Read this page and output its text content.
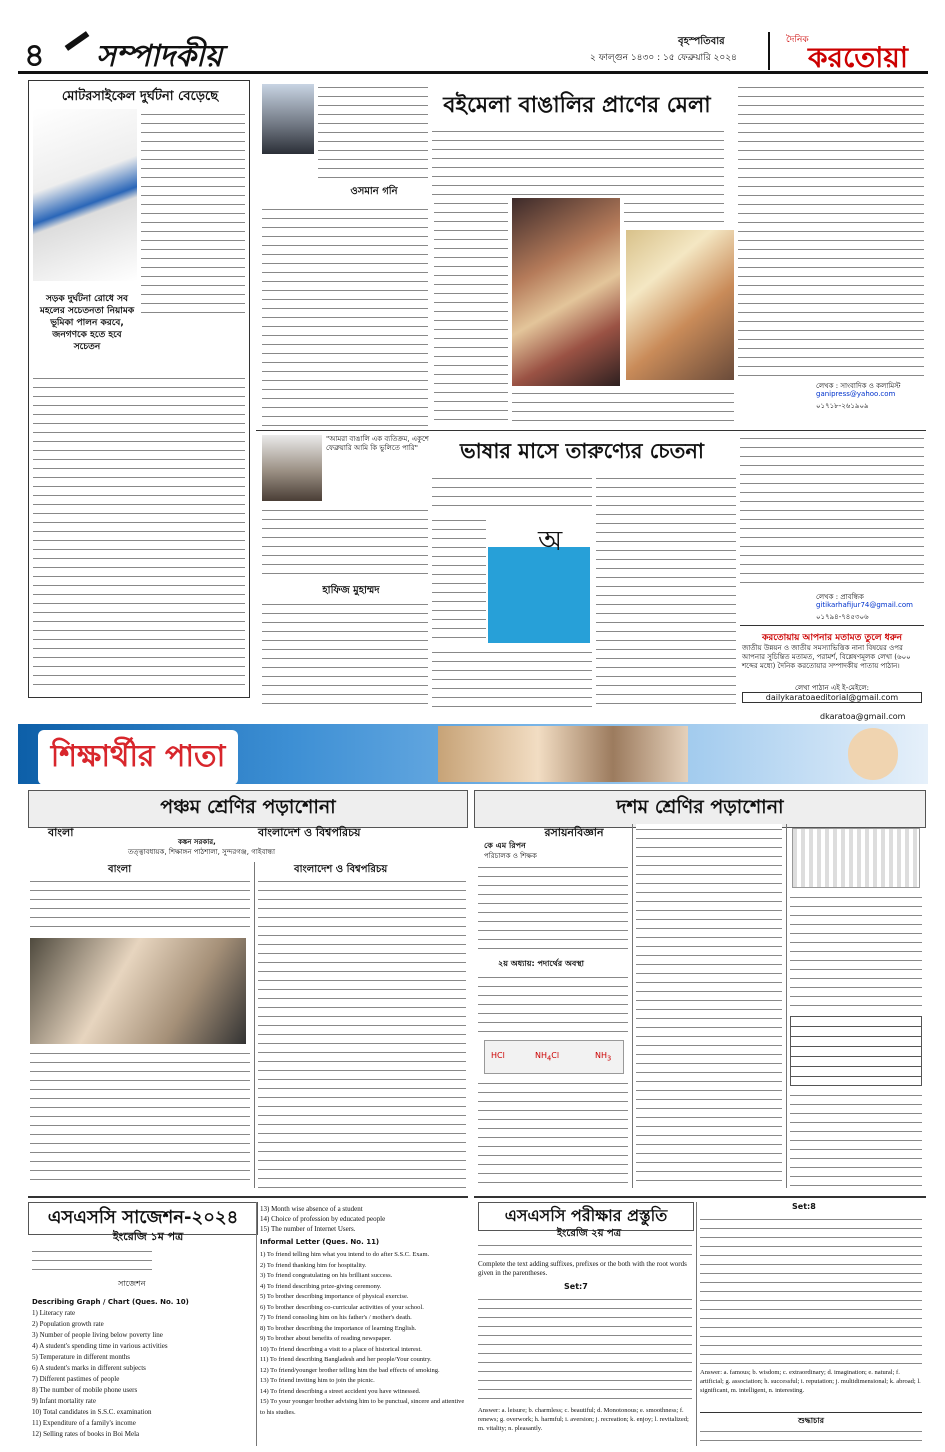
৪ সম্পাদকীয়	২ ফাল্গুন ১৪৩০ : ১৫ ফেব্রুয়ারি ২০২৪
বৃহস্পতিবার	দৈনিক
করতোয়া
মোটরসাইকেল দুর্ঘটনা বেড়েছে
সড়ক দুর্ঘটনা রোধে সব মহলের সচেতনতা নিয়ামক ভূমিকা পালন করবে, জনগণকে হতে হবে সচেতন
বইমেলা বাঙালির প্রাণের মেলা
ওসমান গনি
লেখক : সাংবাদিক ও কলামিস্ট
ganipress@yahoo.com
০১৭১৮-২৬১৯০৯
"আমরা বাঙালি এক ব্যতিক্রম, একুশে ফেব্রুয়ারি আমি কি ভুলিতে পারি"
হাফিজ মুহাম্মদ
ভাষার মাসে তারুণ্যের চেতনা
অ
লেখক : প্রাবন্ধিক
gitikarhafijur74@gmail.com
০১৭৯৪-৭৪৫৩০৬
করতোয়ায় আপনার মতামত তুলে ধরুন
জাতীয় উন্নয়ন ও জাতীয় সমস্যাভিত্তিক নানা বিষয়ের ওপর আপনার সুচিন্তিত মতামত, পরামর্শ, বিশ্লেষণমূলক লেখা (৬০০ শব্দের মধ্যে) দৈনিক করতোয়ার সম্পাদকীয় পাতায় পাঠান।
লেখা পাঠান এই ই-মেইলে:
dailykaratoaeditorial@gmail.com
dkaratoa@gmail.com
শিক্ষার্থীর পাতা
পঞ্চম শ্রেণির পড়াশোনা
বাংলা	বাংলাদেশ ও বিশ্বপরিচয়
কঙ্কন সরকার,
তত্ত্বাবধায়ক, শিক্ষাঙ্গন পাঠশালা, সুন্দরগঞ্জ, গাইবান্ধা
বাংলা	বাংলাদেশ ও বিশ্বপরিচয়
দশম শ্রেণির পড়াশোনা
রসায়নবিজ্ঞান
কে এম রিপন
পরিচালক ও শিক্ষক
২য় অধ্যায়: পদার্থের অবস্থা
HCl	$NH_4Cl$	$NH_3$
এসএসসি সাজেশন-২০২৪
ইংরেজি ১ম পত্র
সাজেশন
Describing Graph / Chart (Ques. No. 10)
1) Literacy rate
2) Population growth rate
3) Number of people living below poverty line
4) A student's spending time in various activities
5) Temperature in different months
6) A student's marks in different subjects
7) Different pastimes of people
8) The number of mobile phone users
9) Infant mortality rate
10) Total candidates in S.S.C. examination
11) Expenditure of a family's income
12) Selling rates of books in Boi Mela
13) Month wise absence of a student
14) Choice of profession by educated people
15) The number of Internet Users.
Informal Letter (Ques. No. 11)
1) To friend telling him what you intend to do after S.S.C. Exam.
2) To friend thanking him for hospitality.
3) To friend congratulating on his brilliant success.
4) To friend describing prize-giving ceremony.
5) To brother describing importance of physical exercise.
6) To brother describing co-curricular activities of your school.
7) To friend consoling him on his father's / mother's death.
8) To brother describing the importance of learning English.
9) To brother about benefits of reading newspaper.
10) To friend describing a visit to a place of historical interest.
11) To friend describing Bangladesh and her people/Your country.
12) To friend/younger brother telling him the bad effects of smoking.
13) To friend inviting him to join the picnic.
14) To friend describing a street accident you have witnessed.
15) To your younger brother advising him to be punctual, sincere and attentive to his studies.
এসএসসি পরীক্ষার প্রস্তুতি
ইংরেজি ২য় পত্র
Complete the text adding suffixes, prefixes or the both with the root words given in the parentheses.
Set:7
Answer: a. leisure; b. charmless; c. beautiful; d. Monotonous; e. smoothness; f. renews; g. overwork; h. harmful; i. aversion; j. recreation; k. enjoy; l. revitalized; m. vitality; n. pleasantly.
Set:8
Answer: a. famous; b. wisdom; c. extraordinary; d. imagination; e. natural; f. artificial; g. association; h. successful; i. reputation; j. multidimensional; k. abroad; l. significant, m. intelligent, n. interesting.
শুদ্ধাচার
